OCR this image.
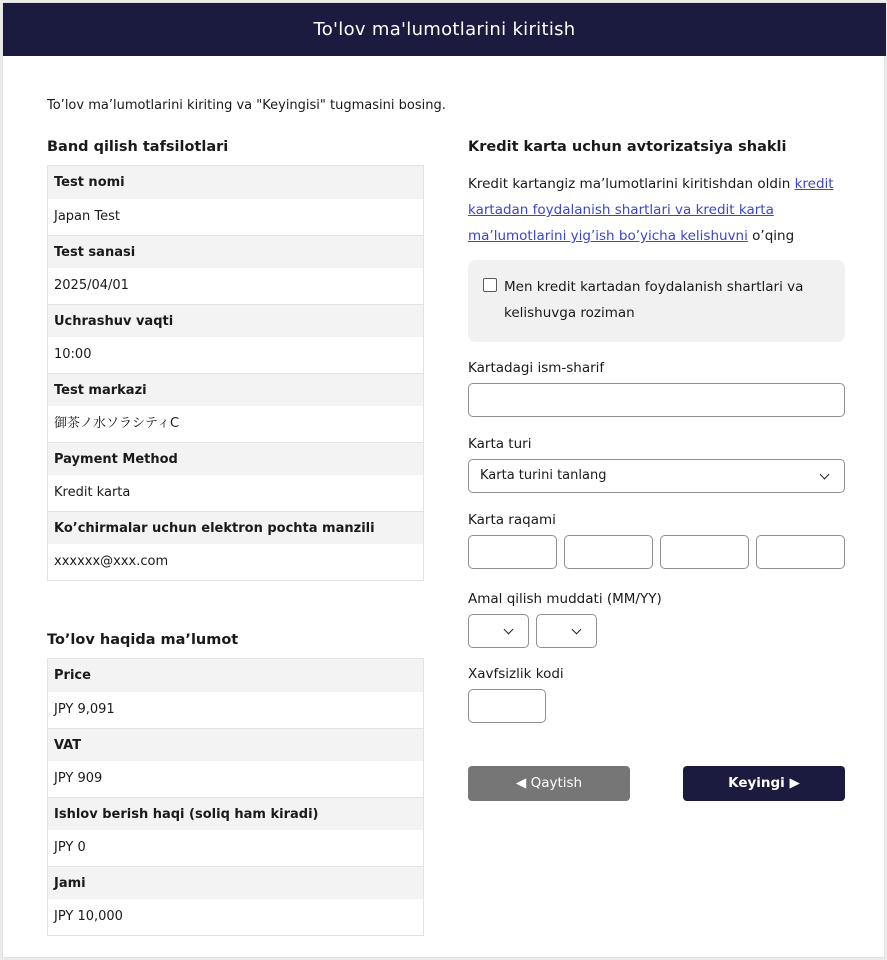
To'lov ma'lumotlarini kiritish
To’lov ma’lumotlarini kiriting va "Keyingisi" tugmasini bosing.
Band qilish tafsilotlari
Test nomi
Japan Test
Test sanasi
2025/04/01
Uchrashuv vaqti
10:00
Test markazi
御茶ノ水ソラシティC
Payment Method
Kredit karta
Ko’chirmalar uchun elektron pochta manzili
xxxxxx@xxx.com
To’lov haqida ma’lumot
Price
JPY 9,091
VAT
JPY 909
Ishlov berish haqi (soliq ham kiradi)
JPY 0
Jami
JPY 10,000
Kredit karta uchun avtorizatsiya shakli
Kredit kartangiz ma’lumotlarini kiritishdan oldin kredit kartadan foydalanish shartlari va kredit karta ma’lumotlarini yig’ish bo’yicha kelishuvni o’qing
Men kredit kartadan foydalanish shartlari va kelishuvga roziman
Kartadagi ism-sharif
Karta turi
Karta turini tanlang
Karta raqami
Amal qilish muddati (MM/YY)
Xavfsizlik kodi
◀ Qaytish	Keyingi ▶
